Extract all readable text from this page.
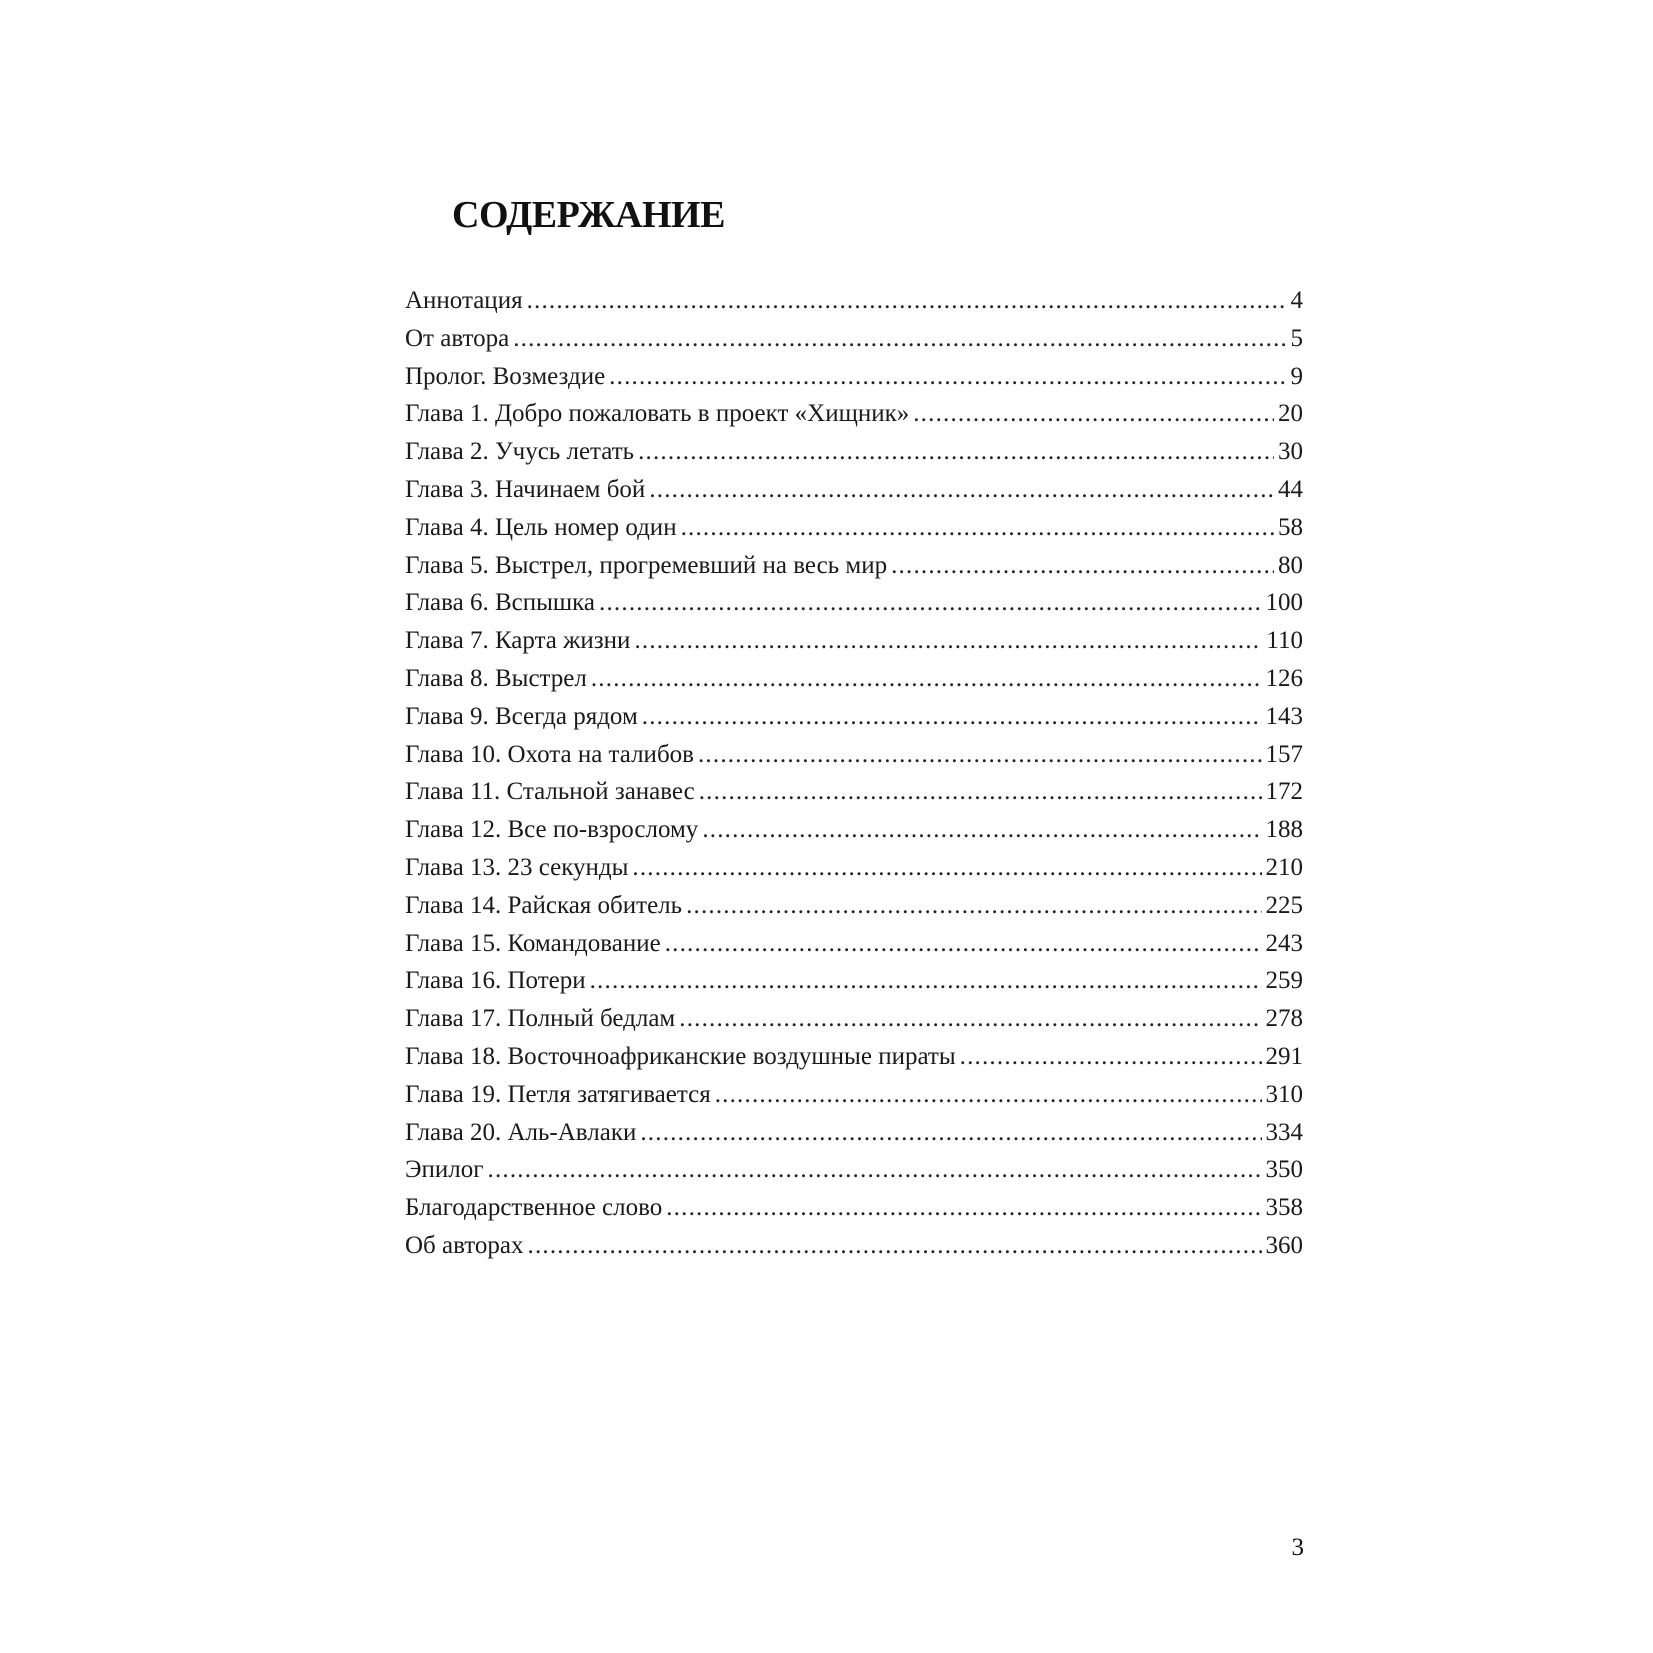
СОДЕРЖАНИЕ
Аннотация .....	4
От автора .....	5
Пролог. Возмездие .....	9
Глава 1. Добро пожаловать в проект «Хищник» .....	20
Глава 2. Учусь летать .....	30
Глава 3. Начинаем бой .....	44
Глава 4. Цель номер один .....	58
Глава 5. Выстрел, прогремевший на весь мир .....	80
Глава 6. Вспышка .....	100
Глава 7. Карта жизни .....	110
Глава 8. Выстрел .....	126
Глава 9. Всегда рядом .....	143
Глава 10. Охота на талибов .....	157
Глава 11. Стальной занавес .....	172
Глава 12. Все по-взрослому .....	188
Глава 13. 23 секунды .....	210
Глава 14. Райская обитель .....	225
Глава 15. Командование .....	243
Глава 16. Потери .....	259
Глава 17. Полный бедлам .....	278
Глава 18. Восточноафриканские воздушные пираты .....	291
Глава 19. Петля затягивается .....	310
Глава 20. Аль-Авлаки .....	334
Эпилог .....	350
Благодарственное слово .....	358
Об авторах .....	360
3
